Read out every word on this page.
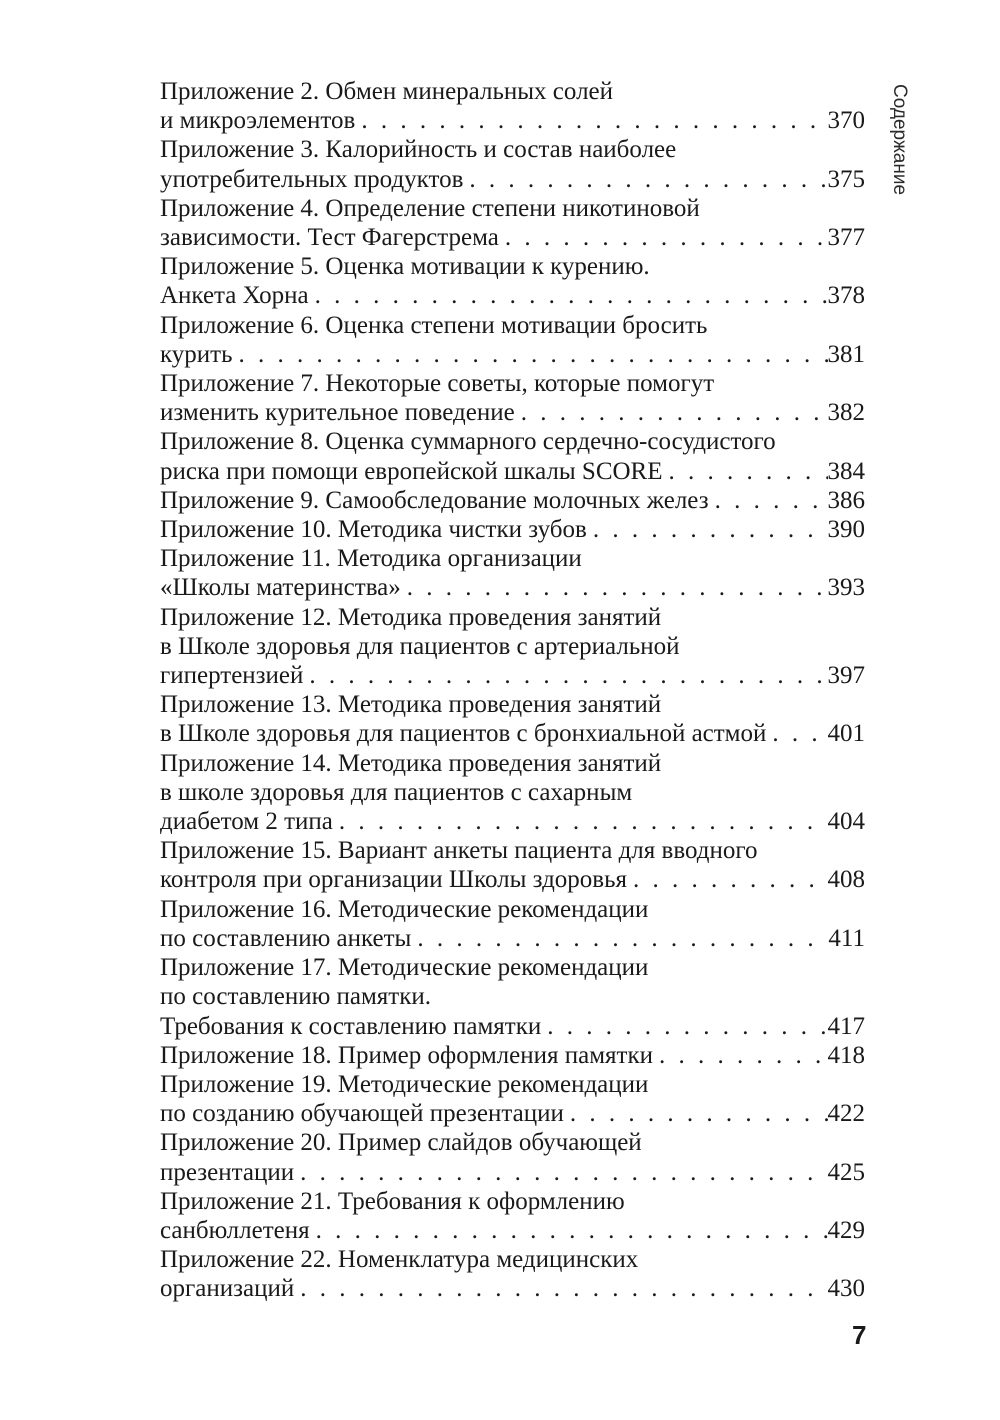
Приложение 2. Обмен минеральных солей
и микроэлементов . . .	370
Приложение 3. Калорийность и состав наиболее
употребительных продуктов . . .	375
Приложение 4. Определение степени никотиновой
зависимости. Тест Фагерстрема . . .	377
Приложение 5. Оценка мотивации к курению.
Анкета Хорна . . .	378
Приложение 6. Оценка степени мотивации бросить
курить . . .	381
Приложение 7. Некоторые советы, которые помогут
изменить курительное поведение . . .	382
Приложение 8. Оценка суммарного сердечно-сосудистого
риска при помощи европейской шкалы SCORE . . .	384
Приложение 9. Самообследование молочных желез . . .	386
Приложение 10. Методика чистки зубов . . .	390
Приложение 11. Методика организации
«Школы материнства» . . .	393
Приложение 12. Методика проведения занятий
в Школе здоровья для пациентов с артериальной
гипертензией . . .	397
Приложение 13. Методика проведения занятий
в Школе здоровья для пациентов с бронхиальной астмой . . . 401
Приложение 14. Методика проведения занятий
в школе здоровья для пациентов с сахарным
диабетом 2 типа . . .	404
Приложение 15. Вариант анкеты пациента для вводного
контроля при организации Школы здоровья . . .	408
Приложение 16. Методические рекомендации
по составлению анкеты . . .	411
Приложение 17. Методические рекомендации
по составлению памятки.
Требования к составлению памятки . . .	417
Приложение 18. Пример оформления памятки . . .	418
Приложение 19. Методические рекомендации
по созданию обучающей презентации . . .	422
Приложение 20. Пример слайдов обучающей
презентации . . .	425
Приложение 21. Требования к оформлению
санбюллетеня . . .	429
Приложение 22. Номенклатура медицинских
организаций . . .	430
Содержание
7
